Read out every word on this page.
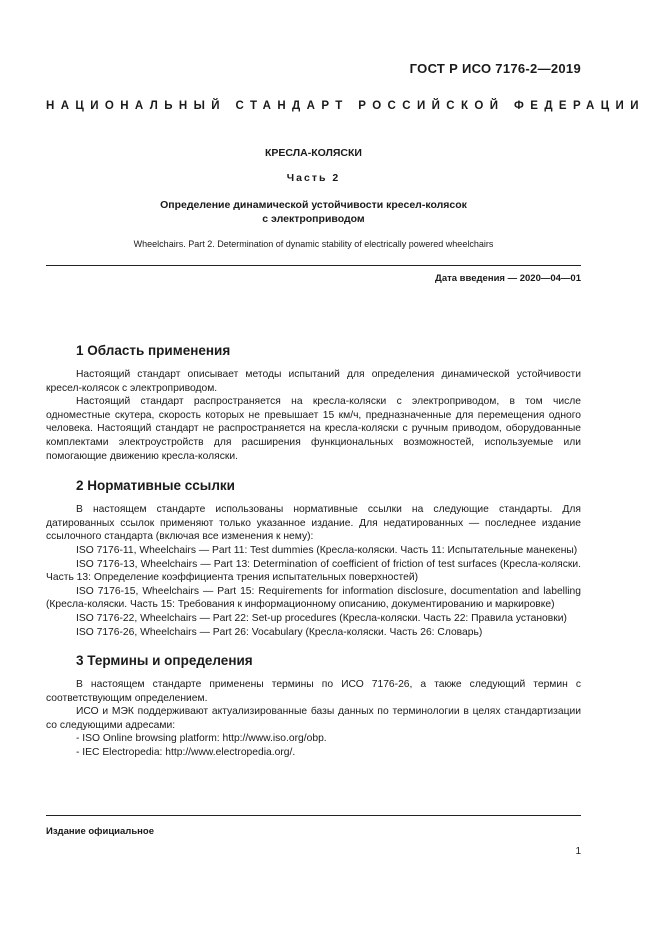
ГОСТ Р ИСО 7176-2—2019
НАЦИОНАЛЬНЫЙ СТАНДАРТ РОССИЙСКОЙ ФЕДЕРАЦИИ
КРЕСЛА-КОЛЯСКИ
Часть 2
Определение динамической устойчивости кресел-колясок
с электроприводом
Wheelchairs. Part 2. Determination of dynamic stability of electrically powered wheelchairs
Дата введения — 2020—04—01
1 Область применения

Настоящий стандарт описывает методы испытаний для определения динамической устойчивости кресел-колясок с электроприводом.

Настоящий стандарт распространяется на кресла-коляски с электроприводом, в том числе одноместные скутера, скорость которых не превышает 15 км/ч, предназначенные для перемещения одного человека. Настоящий стандарт не распространяется на кресла-коляски с ручным приводом, оборудованные комплектами электроустройств для расширения функциональных возможностей, используемые или помогающие движению кресла-коляски.

2 Нормативные ссылки

В настоящем стандарте использованы нормативные ссылки на следующие стандарты. Для датированных ссылок применяют только указанное издание. Для недатированных — последнее издание ссылочного стандарта (включая все изменения к нему):

ISO 7176-11, Wheelchairs — Part 11: Test dummies (Кресла-коляски. Часть 11: Испытательные манекены)

ISO 7176-13, Wheelchairs — Part 13: Determination of coefficient of friction of test surfaces (Кресла-коляски. Часть 13: Определение коэффициента трения испытательных поверхностей)

ISO 7176-15, Wheelchairs — Part 15: Requirements for information disclosure, documentation and labelling (Кресла-коляски. Часть 15: Требования к информационному описанию, документированию и маркировке)

ISO 7176-22, Wheelchairs — Part 22: Set-up procedures (Кресла-коляски. Часть 22: Правила установки)

ISO 7176-26, Wheelchairs — Part 26: Vocabulary (Кресла-коляски. Часть 26: Словарь)

3 Термины и определения

В настоящем стандарте применены термины по ИСО 7176-26, а также следующий термин с соответствующим определением.

ИСО и МЭК поддерживают актуализированные базы данных по терминологии в целях стандартизации со следующими адресами:

- ISO Online browsing platform: http://www.iso.org/obp.

- IEC Electropedia: http://www.electropedia.org/.

Издание официальное
1
